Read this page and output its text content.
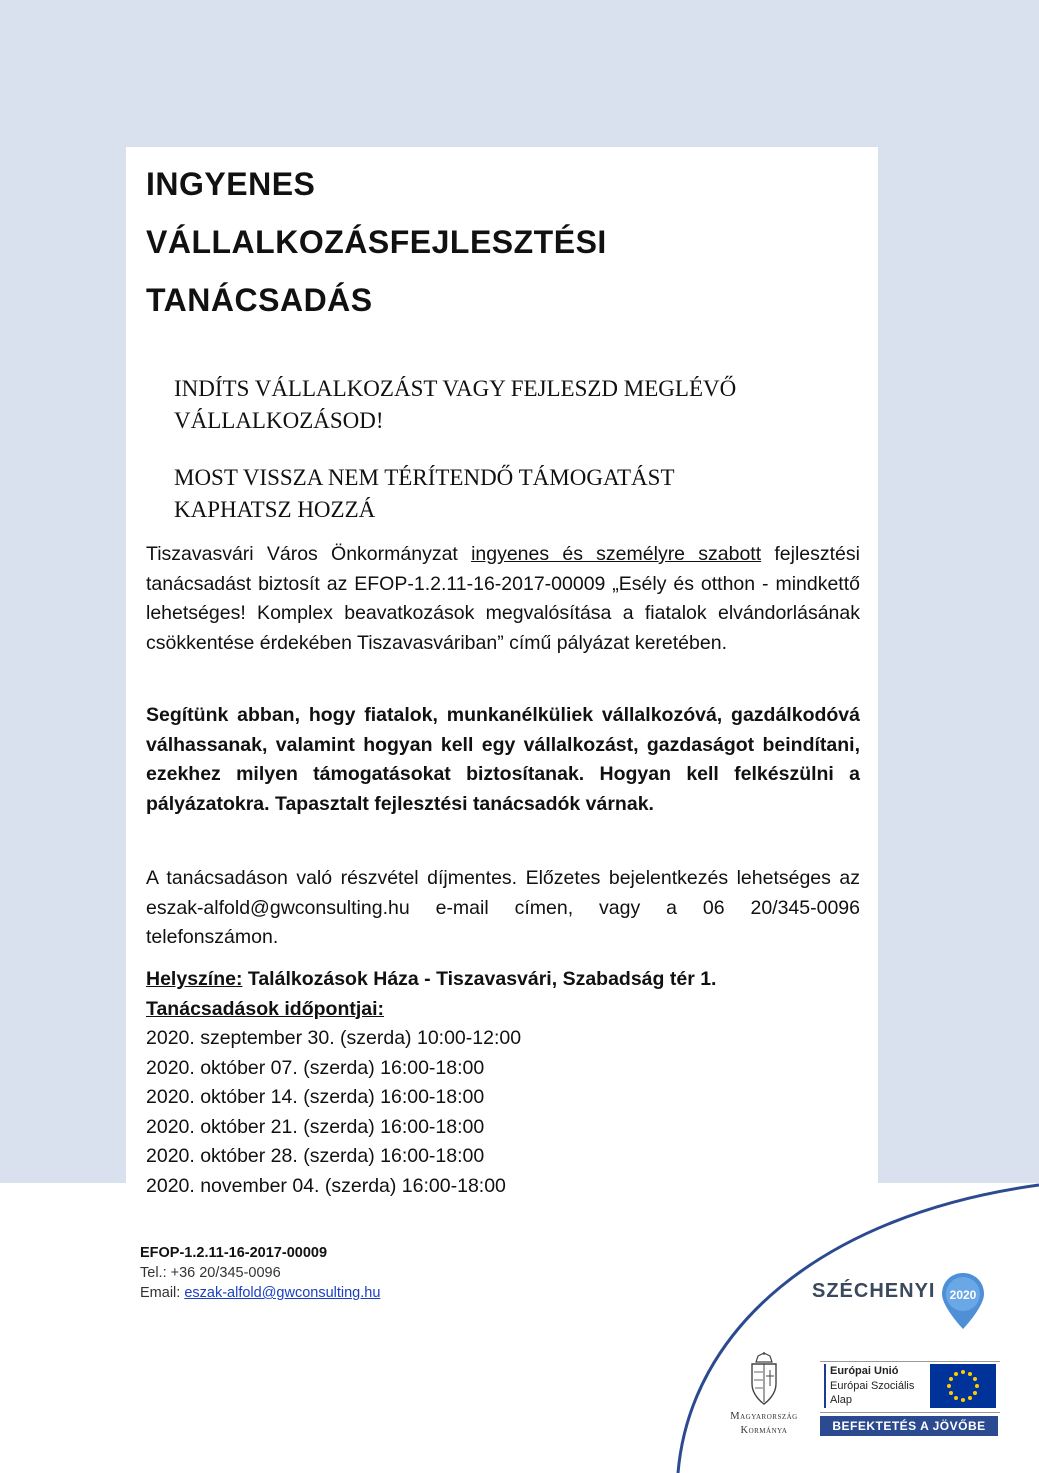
INGYENES
VÁLLALKOZÁSFEJLESZTÉSI
TANÁCSADÁS
INDÍTS VÁLLALKOZÁST VAGY FEJLESZD MEGLÉVŐ
VÁLLALKOZÁSOD!
MOST VISSZA NEM TÉRÍTENDŐ TÁMOGATÁST
KAPHATSZ HOZZÁ
Tiszavasvári Város Önkormányzat ingyenes és személyre szabott fejlesztési tanácsadást biztosít az EFOP-1.2.11-16-2017-00009 „Esély és otthon - mindkettő lehetséges! Komplex beavatkozások megvalósítása a fiatalok elvándorlásának csökkentése érdekében Tiszavasváriban” című pályázat keretében.
Segítünk abban, hogy fiatalok, munkanélküliek vállalkozóvá, gazdálkodóvá válhassanak, valamint hogyan kell egy vállalkozást, gazdaságot beindítani, ezekhez milyen támogatásokat biztosítanak. Hogyan kell felkészülni a pályázatokra. Tapasztalt fejlesztési tanácsadók várnak.
A tanácsadáson való részvétel díjmentes. Előzetes bejelentkezés lehetséges az eszak-alfold@gwconsulting.hu e-mail címen, vagy a 06 20/345-0096 telefonszámon.
Helyszíne: Találkozások Háza - Tiszavasvári, Szabadság tér 1.
Tanácsadások időpontjai:
2020. szeptember 30. (szerda) 10:00-12:00
2020. október 07. (szerda) 16:00-18:00
2020. október 14. (szerda) 16:00-18:00
2020. október 21. (szerda) 16:00-18:00
2020. október 28. (szerda) 16:00-18:00
2020. november 04. (szerda) 16:00-18:00
EFOP-1.2.11-16-2017-00009
Tel.: +36 20/345-0096
Email: eszak-alfold@gwconsulting.hu	SZÉCHENYI 2020
Magyarország
Kormánya
Európai Unió
Európai Szociális
Alap
BEFEKTETÉS A JÖVŐBE
